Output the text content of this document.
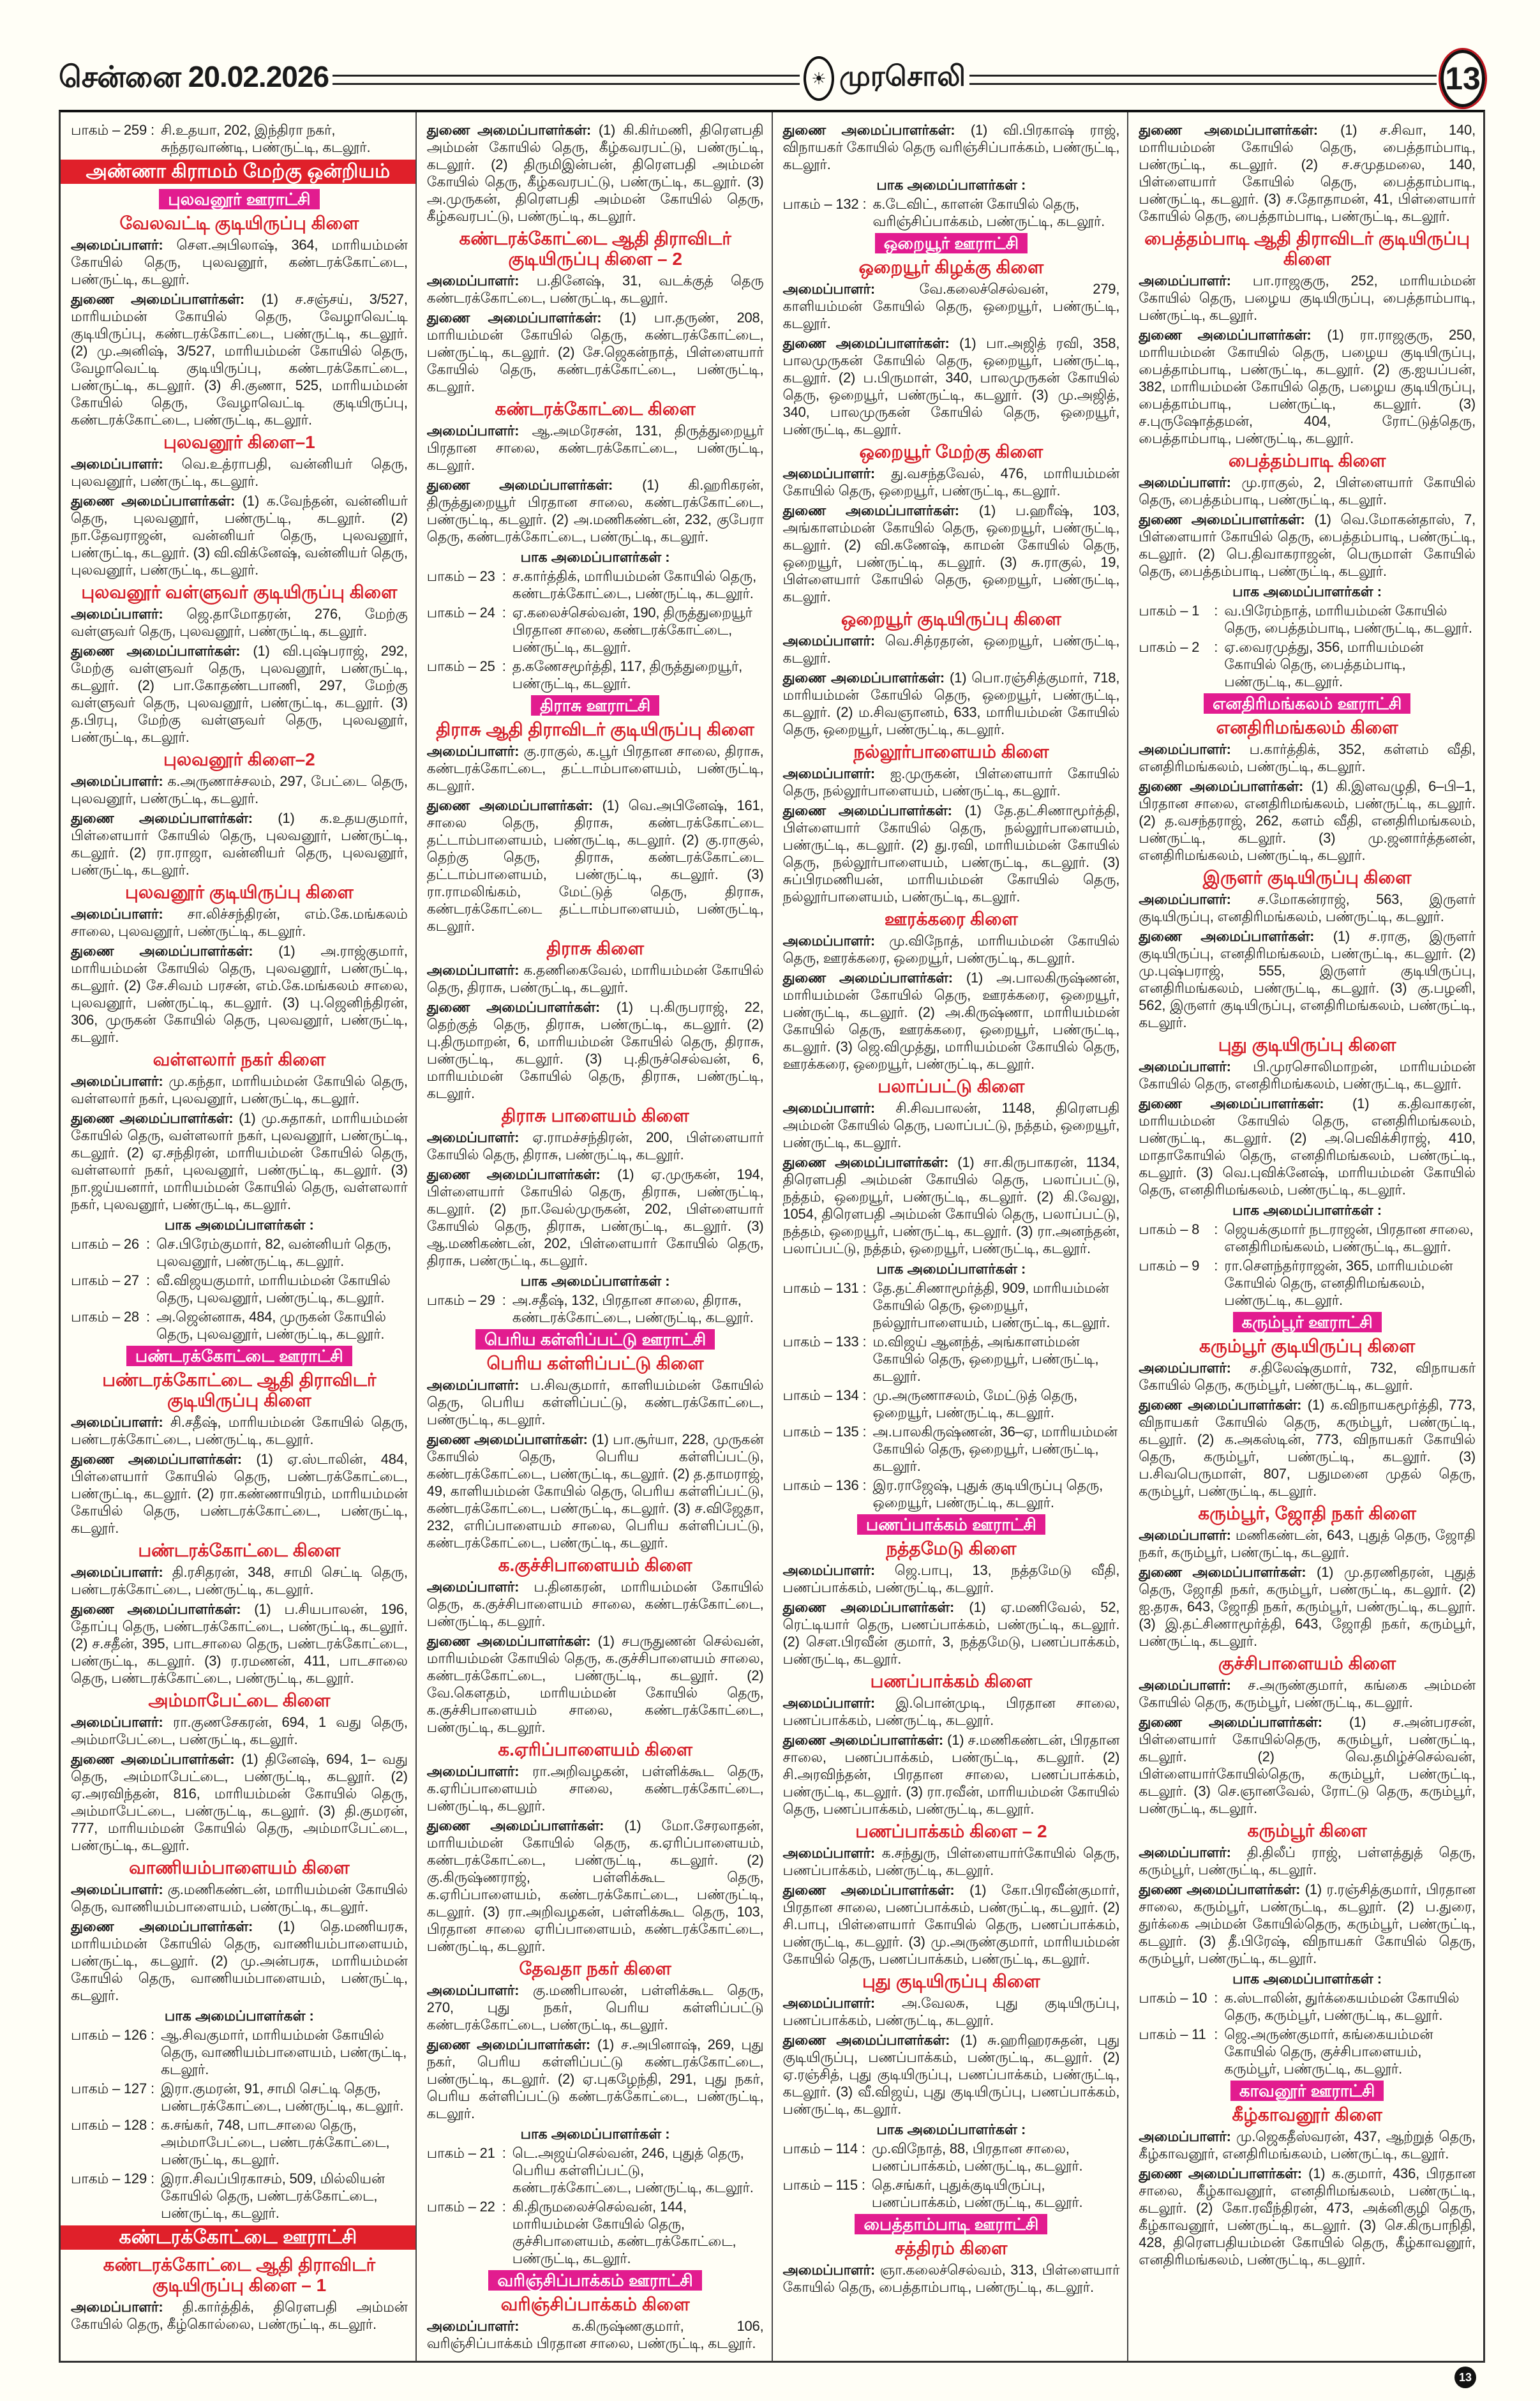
சென்னை 20.02.2026	☀ முரசொலி	13
பாகம் – 259 : சி.உதயா, 202, இந்திரா நகர், சுந்தரவாண்டி, பண்ருட்டி, கடலூர்.
அண்ணா கிராமம் மேற்கு ஒன்றியம்
புலவனூர் ஊராட்சி
வேலவட்டி குடியிருப்பு கிளை
அமைப்பாளர்: சௌ.அபிலாஷ், 364, மாரியம்மன் கோயில் தெரு, புலவனூர், கண்டரக்கோட்டை, பண்ருட்டி, கடலூர்.
துணை அமைப்பாளர்கள்: (1) ச.சஞ்சய், 3/527, மாரியம்மன் கோயில் தெரு, வேழாவெட்டி குடியிருப்பு, கண்டரக்கோட்டை, பண்ருட்டி, கடலூர். (2) மு.அனிஷ், 3/527, மாரியம்மன் கோயில் தெரு, வேழாவெட்டி குடியிருப்பு, கண்டரக்கோட்டை, பண்ருட்டி, கடலூர். (3) சி.குணா, 525, மாரியம்மன் கோயில் தெரு, வேழாவெட்டி குடியிருப்பு, கண்டரக்கோட்டை, பண்ருட்டி, கடலூர்.
புலவனூர் கிளை–1
அமைப்பாளர்: வெ.உத்ராபதி, வன்னியர் தெரு, புலவனூர், பண்ருட்டி, கடலூர்.
துணை அமைப்பாளர்கள்: (1) க.வேந்தன், வன்னியர் தெரு, புலவனூர், பண்ருட்டி, கடலூர். (2) நா.தேவராஜன், வன்னியர் தெரு, புலவனூர், பண்ருட்டி, கடலூர். (3) வி.விக்னேஷ், வன்னியர் தெரு, புலவனூர், பண்ருட்டி, கடலூர்.
புலவனூர் வள்ளுவர் குடியிருப்பு கிளை
அமைப்பாளர்: ஜெ.தாமோதரன், 276, மேற்கு வள்ளுவர் தெரு, புலவனூர், பண்ருட்டி, கடலூர்.
துணை அமைப்பாளர்கள்: (1) வி.புஷ்பராஜ், 292, மேற்கு வள்ளுவர் தெரு, புலவனூர், பண்ருட்டி, கடலூர். (2) பா.கோதண்டபாணி, 297, மேற்கு வள்ளுவர் தெரு, புலவனூர், பண்ருட்டி, கடலூர். (3) த.பிரபு, மேற்கு வள்ளுவர் தெரு, புலவனூர், பண்ருட்டி, கடலூர்.
புலவனூர் கிளை–2
அமைப்பாளர்: க.அருணாச்சலம், 297, பேட்டை தெரு, புலவனூர், பண்ருட்டி, கடலூர்.
துணை அமைப்பாளர்கள்: (1) க.உதயகுமார், பிள்ளையார் கோயில் தெரு, புலவனூர், பண்ருட்டி, கடலூர். (2) ரா.ராஜா, வன்னியர் தெரு, புலவனூர், பண்ருட்டி, கடலூர்.
புலவனூர் குடியிருப்பு கிளை
அமைப்பாளர்: சா.லிச்சந்திரன், எம்.கே.மங்கலம் சாலை, புலவனூர், பண்ருட்டி, கடலூர்.
துணை அமைப்பாளர்கள்: (1) அ.ராஜ்குமார், மாரியம்மன் கோயில் தெரு, புலவனூர், பண்ருட்டி, கடலூர். (2) சே.சிவம் பரசன், எம்.கே.மங்கலம் சாலை, புலவனூர், பண்ருட்டி, கடலூர். (3) பு.ஜெனிந்திரன், 306, முருகன் கோயில் தெரு, புலவனூர், பண்ருட்டி, கடலூர்.
வள்ளலார் நகர் கிளை
அமைப்பாளர்: மு.கந்தா, மாரியம்மன் கோயில் தெரு, வள்ளலார் நகர், புலவனூர், பண்ருட்டி, கடலூர்.
துணை அமைப்பாளர்கள்: (1) மு.சுதாகர், மாரியம்மன் கோயில் தெரு, வள்ளலார் நகர், புலவனூர், பண்ருட்டி, கடலூர். (2) ஏ.சந்திரன், மாரியம்மன் கோயில் தெரு, வள்ளலார் நகர், புலவனூர், பண்ருட்டி, கடலூர். (3) நா.ஜய்யனார், மாரியம்மன் கோயில் தெரு, வள்ளலார் நகர், புலவனூர், பண்ருட்டி, கடலூர்.
பாக அமைப்பாளர்கள் :
பாகம் – 26 : செ.பிரேம்குமார், 82, வன்னியர் தெரு, புலவனூர், பண்ருட்டி, கடலூர்.
பாகம் – 27 : வீ.விஜயகுமார், மாரியம்மன் கோயில் தெரு, புலவனூர், பண்ருட்டி, கடலூர்.
பாகம் – 28 : அ.ஜென்னாசு, 484, முருகன் கோயில் தெரு, புலவனூர், பண்ருட்டி, கடலூர்.
பண்டரக்கோட்டை ஊராட்சி
பண்டரக்கோட்டை ஆதி திராவிடர் குடியிருப்பு கிளை
அமைப்பாளர்: சி.சதீஷ், மாரியம்மன் கோயில் தெரு, பண்டரக்கோட்டை, பண்ருட்டி, கடலூர்.
துணை அமைப்பாளர்கள்: (1) ஏ.ஸ்டாலின், 484, பிள்ளையார் கோயில் தெரு, பண்டரக்கோட்டை, பண்ருட்டி, கடலூர். (2) ரா.கண்ணாயிரம், மாரியம்மன் கோயில் தெரு, பண்டரக்கோட்டை, பண்ருட்டி, கடலூர்.
பண்டரக்கோட்டை கிளை
அமைப்பாளர்: தி.ரசிதரன், 348, சாமி செட்டி தெரு, பண்டரக்கோட்டை, பண்ருட்டி, கடலூர்.
துணை அமைப்பாளர்கள்: (1) ப.சியபாலன், 196, தோப்பு தெரு, பண்டரக்கோட்டை, பண்ருட்டி, கடலூர். (2) ச.சதீன், 395, பாடசாலை தெரு, பண்டரக்கோட்டை, பண்ருட்டி, கடலூர். (3) ர.ரமணன், 411, பாடசாலை தெரு, பண்டரக்கோட்டை, பண்ருட்டி, கடலூர்.
அம்மாபேட்டை கிளை
அமைப்பாளர்: ரா.குணசேகரன், 694, 1 வது தெரு, அம்மாபேட்டை, பண்ருட்டி, கடலூர்.
துணை அமைப்பாளர்கள்: (1) தினேஷ், 694, 1– வது தெரு, அம்மாபேட்டை, பண்ருட்டி, கடலூர். (2) ஏ.அரவிந்தன், 816, மாரியம்மன் கோயில் தெரு, அம்மாபேட்டை, பண்ருட்டி, கடலூர். (3) தி.குமரன், 777, மாரியம்மன் கோயில் தெரு, அம்மாபேட்டை, பண்ருட்டி, கடலூர்.
வாணியம்பாளையம் கிளை
அமைப்பாளர்: கு.மணிகண்டன், மாரியம்மன் கோயில் தெரு, வாணியம்பாளையம், பண்ருட்டி, கடலூர்.
துணை அமைப்பாளர்கள்: (1) தெ.மணியரசு, மாரியம்மன் கோயில் தெரு, வாணியம்பாளையம், பண்ருட்டி, கடலூர். (2) மு.அன்பரசு, மாரியம்மன் கோயில் தெரு, வாணியம்பாளையம், பண்ருட்டி, கடலூர்.
பாக அமைப்பாளர்கள் :
பாகம் – 126 : ஆ.சிவகுமார், மாரியம்மன் கோயில் தெரு, வாணியம்பாளையம், பண்ருட்டி, கடலூர்.
பாகம் – 127 : இரா.குமரன், 91, சாமி செட்டி தெரு, பண்டரக்கோட்டை, பண்ருட்டி, கடலூர்.
பாகம் – 128 : க.சங்கர், 748, பாடசாலை தெரு, அம்மாபேட்டை, பண்டரக்கோட்டை, பண்ருட்டி, கடலூர்.
பாகம் – 129 : இரா.சிவப்பிரகாசம், 509, மில்லியன் கோயில் தெரு, பண்டரக்கோட்டை, பண்ருட்டி, கடலூர்.
கண்டரக்கோட்டை ஊராட்சி
கண்டரக்கோட்டை ஆதி திராவிடர் குடியிருப்பு கிளை – 1
அமைப்பாளர்: தி.கார்த்திக், திரௌபதி அம்மன் கோயில் தெரு, கீழ்கொல்லை, பண்ருட்டி, கடலூர்.
துணை அமைப்பாளர்கள்: (1) கி.கிர்மணி, திரௌபதி அம்மன் கோயில் தெரு, கீழ்கவரபட்டு, பண்ருட்டி, கடலூர். (2) திருமிஇன்பன், திரௌபதி அம்மன் கோயில் தெரு, கீழ்கவரபட்டு, பண்ருட்டி, கடலூர். (3) அ.முருகன், திரௌபதி அம்மன் கோயில் தெரு, கீழ்கவரபட்டு, பண்ருட்டி, கடலூர்.
கண்டரக்கோட்டை ஆதி திராவிடர் குடியிருப்பு கிளை – 2
அமைப்பாளர்: ப.தினேஷ், 31, வடக்குத் தெரு கண்டரக்கோட்டை, பண்ருட்டி, கடலூர்.
துணை அமைப்பாளர்கள்: (1) பா.தருண், 208, மாரியம்மன் கோயில் தெரு, கண்டரக்கோட்டை, பண்ருட்டி, கடலூர். (2) சே.ஜெகன்நாத், பிள்ளையார் கோயில் தெரு, கண்டரக்கோட்டை, பண்ருட்டி, கடலூர்.
கண்டரக்கோட்டை கிளை
அமைப்பாளர்: ஆ.அமரேசன், 131, திருத்துறையூர் பிரதான சாலை, கண்டரக்கோட்டை, பண்ருட்டி, கடலூர்.
துணை அமைப்பாளர்கள்: (1) கி.ஹரிகரன், திருத்துறையூர் பிரதான சாலை, கண்டரக்கோட்டை, பண்ருட்டி, கடலூர். (2) அ.மணிகண்டன், 232, குபேரா தெரு, கண்டரக்கோட்டை, பண்ருட்டி, கடலூர்.
பாக அமைப்பாளர்கள் :
பாகம் – 23 : ச.கார்த்திக், மாரியம்மன் கோயில் தெரு, கண்டரக்கோட்டை, பண்ருட்டி, கடலூர்.
பாகம் – 24 : ஏ.கலைச்செல்வன், 190, திருத்துறையூர் பிரதான சாலை, கண்டரக்கோட்டை, பண்ருட்டி, கடலூர்.
பாகம் – 25 : த.கணேசமூர்த்தி, 117, திருத்துறையூர், பண்ருட்டி, கடலூர்.
திராசு ஊராட்சி
திராசு ஆதி திராவிடர் குடியிருப்பு கிளை
அமைப்பாளர்: கு.ராகுல், க.பூர் பிரதான சாலை, திராசு, கண்டரக்கோட்டை, தட்டாம்பாளையம், பண்ருட்டி, கடலூர்.
துணை அமைப்பாளர்கள்: (1) வெ.அபினேஷ், 161, சாலை தெரு, திராசு, கண்டரக்கோட்டை தட்டாம்பாளையம், பண்ருட்டி, கடலூர். (2) கு.ராகுல், தெற்கு தெரு, திராசு, கண்டரக்கோட்டை தட்டாம்பாளையம், பண்ருட்டி, கடலூர். (3) ரா.ராமலிங்கம், மேட்டுத் தெரு, திராசு, கண்டரக்கோட்டை தட்டாம்பாளையம், பண்ருட்டி, கடலூர்.
திராசு கிளை
அமைப்பாளர்: க.தணிகைவேல், மாரியம்மன் கோயில் தெரு, திராசு, பண்ருட்டி, கடலூர்.
துணை அமைப்பாளர்கள்: (1) பு.கிருபராஜ், 22, தெற்குத் தெரு, திராசு, பண்ருட்டி, கடலூர். (2) பு.திருமாறன், 6, மாரியம்மன் கோயில் தெரு, திராசு, பண்ருட்டி, கடலூர். (3) பு.திருச்செல்வன், 6, மாரியம்மன் கோயில் தெரு, திராசு, பண்ருட்டி, கடலூர்.
திராசு பாளையம் கிளை
அமைப்பாளர்: ஏ.ராமச்சந்திரன், 200, பிள்ளையார் கோயில் தெரு, திராசு, பண்ருட்டி, கடலூர்.
துணை அமைப்பாளர்கள்: (1) ஏ.முருகன், 194, பிள்ளையார் கோயில் தெரு, திராசு, பண்ருட்டி, கடலூர். (2) நா.வேல்முருகன், 202, பிள்ளையார் கோயில் தெரு, திராசு, பண்ருட்டி, கடலூர். (3) ஆ.மணிகண்டன், 202, பிள்ளையார் கோயில் தெரு, திராசு, பண்ருட்டி, கடலூர்.
பாக அமைப்பாளர்கள் :
பாகம் – 29 : அ.சதீஷ், 132, பிரதான சாலை, திராசு, கண்டரக்கோட்டை, பண்ருட்டி, கடலூர்.
பெரிய கள்ளிப்பட்டு ஊராட்சி
பெரிய கள்ளிப்பட்டு கிளை
அமைப்பாளர்: ப.சிவகுமார், காளியம்மன் கோயில் தெரு, பெரிய கள்ளிப்பட்டு, கண்டரக்கோட்டை, பண்ருட்டி, கடலூர்.
துணை அமைப்பாளர்கள்: (1) பா.சூர்யா, 228, முருகன் கோயில் தெரு, பெரிய கள்ளிப்பட்டு, கண்டரக்கோட்டை, பண்ருட்டி, கடலூர். (2) த.தாமராஜ், 49, காளியம்மன் கோயில் தெரு, பெரிய கள்ளிப்பட்டு, கண்டரக்கோட்டை, பண்ருட்டி, கடலூர். (3) ச.விஜேதா, 232, எரிப்பாளையம் சாலை, பெரிய கள்ளிப்பட்டு, கண்டரக்கோட்டை, பண்ருட்டி, கடலூர்.
க.குச்சிபாளையம் கிளை
அமைப்பாளர்: ப.தினகரன், மாரியம்மன் கோயில் தெரு, க.குச்சிபாளையம் சாலை, கண்டரக்கோட்டை, பண்ருட்டி, கடலூர்.
துணை அமைப்பாளர்கள்: (1) சபருதுணன் செல்வன், மாரியம்மன் கோயில் தெரு, க.குச்சிபாளையம் சாலை, கண்டரக்கோட்டை, பண்ருட்டி, கடலூர். (2) வே.கௌதம், மாரியம்மன் கோயில் தெரு, க.குச்சிபாளையம் சாலை, கண்டரக்கோட்டை, பண்ருட்டி, கடலூர்.
க.ஏரிப்பாளையம் கிளை
அமைப்பாளர்: ரா.அறிவழகன், பள்ளிக்கூட தெரு, க.ஏரிப்பாளையம் சாலை, கண்டரக்கோட்டை, பண்ருட்டி, கடலூர்.
துணை அமைப்பாளர்கள்: (1) மோ.சேரலாதன், மாரியம்மன் கோயில் தெரு, க.ஏரிப்பாளையம், கண்டரக்கோட்டை, பண்ருட்டி, கடலூர். (2) கு.கிருஷ்ணராஜ், பள்ளிக்கூட தெரு, க.ஏரிப்பாளையம், கண்டரக்கோட்டை, பண்ருட்டி, கடலூர். (3) ரா.அறிவழகன், பள்ளிக்கூட தெரு, 103, பிரதான சாலை ஏரிப்பாளையம், கண்டரக்கோட்டை, பண்ருட்டி, கடலூர்.
தேவதா நகர் கிளை
அமைப்பாளர்: கு.மணிபாலன், பள்ளிக்கூட தெரு, 270, புது நகர், பெரிய கள்ளிப்பட்டு கண்டரக்கோட்டை, பண்ருட்டி, கடலூர்.
துணை அமைப்பாளர்கள்: (1) ச.அபினாஷ், 269, புது நகர், பெரிய கள்ளிப்பட்டு கண்டரக்கோட்டை, பண்ருட்டி, கடலூர். (2) ஏ.புகழேந்தி, 291, புது நகர், பெரிய கள்ளிப்பட்டு கண்டரக்கோட்டை, பண்ருட்டி, கடலூர்.
பாக அமைப்பாளர்கள் :
பாகம் – 21 : டெ.அஜய்செல்வன், 246, புதுத் தெரு, பெரிய கள்ளிப்பட்டு, கண்டரக்கோட்டை, பண்ருட்டி, கடலூர்.
பாகம் – 22 : கி.திருமலைச்செல்வன், 144, மாரியம்மன் கோயில் தெரு, குச்சிபாளையம், கண்டரக்கோட்டை, பண்ருட்டி, கடலூர்.
வரிஞ்சிப்பாக்கம் ஊராட்சி
வரிஞ்சிப்பாக்கம் கிளை
அமைப்பாளர்:	க.கிருஷ்ணகுமார், 106, வரிஞ்சிப்பாக்கம் பிரதான சாலை, பண்ருட்டி, கடலூர்.
துணை அமைப்பாளர்கள்: (1) வி.பிரகாஷ் ராஜ், விநாயகர் கோயில் தெரு வரிஞ்சிப்பாக்கம், பண்ருட்டி, கடலூர்.
பாக அமைப்பாளர்கள் :
பாகம் – 132 : க.டேவிட், காளன் கோயில் தெரு, வரிஞ்சிப்பாக்கம், பண்ருட்டி, கடலூர்.
ஒறையூர் ஊராட்சி
ஒறையூர் கிழக்கு கிளை
அமைப்பாளர்:	வே.கலைச்செல்வன், 279, காளியம்மன் கோயில் தெரு, ஒறையூர், பண்ருட்டி, கடலூர்.
துணை அமைப்பாளர்கள்: (1) பா.அஜித் ரவி, 358, பாலமுருகன் கோயில் தெரு, ஒறையூர், பண்ருட்டி, கடலூர். (2) ப.பிருமாள், 340, பாலமுருகன் கோயில் தெரு, ஒறையூர், பண்ருட்டி, கடலூர். (3) மு.அஜித், 340, பாலமுருகன் கோயில் தெரு, ஒறையூர், பண்ருட்டி, கடலூர்.
ஒறையூர் மேற்கு கிளை
அமைப்பாளர்: து.வசந்தவேல், 476, மாரியம்மன் கோயில் தெரு, ஒறையூர், பண்ருட்டி, கடலூர்.
துணை அமைப்பாளர்கள்: (1) ப.ஹரீஷ், 103, அங்காளம்மன் கோயில் தெரு, ஒறையூர், பண்ருட்டி, கடலூர். (2) வி.கணேஷ், காமன் கோயில் தெரு, ஒறையூர், பண்ருட்டி, கடலூர். (3) சு.ராகுல், 19, பிள்ளையார் கோயில் தெரு, ஒறையூர், பண்ருட்டி, கடலூர்.
ஒறையூர் குடியிருப்பு கிளை
அமைப்பாளர்: வெ.சித்ரதரன், ஒறையூர், பண்ருட்டி, கடலூர்.
துணை அமைப்பாளர்கள்: (1) பொ.ரஞ்சித்குமார், 718, மாரியம்மன் கோயில் தெரு, ஒறையூர், பண்ருட்டி, கடலூர். (2) ம.சிவஞானம், 633, மாரியம்மன் கோயில் தெரு, ஒறையூர், பண்ருட்டி, கடலூர்.
நல்லூர்பாளையம் கிளை
அமைப்பாளர்: ஐ.முருகன், பிள்ளையார் கோயில் தெரு, நல்லூர்பாளையம், பண்ருட்டி, கடலூர்.
துணை அமைப்பாளர்கள்: (1) தே.தட்சிணாமூர்த்தி, பிள்ளையார் கோயில் தெரு, நல்லூர்பாளையம், பண்ருட்டி, கடலூர். (2) து.ரவி, மாரியம்மன் கோயில் தெரு, நல்லூர்பாளையம், பண்ருட்டி, கடலூர். (3) சுப்பிரமணியன், மாரியம்மன் கோயில் தெரு, நல்லூர்பாளையம், பண்ருட்டி, கடலூர்.
ஊரக்கரை கிளை
அமைப்பாளர்: மு.விநோத், மாரியம்மன் கோயில் தெரு, ஊரக்கரை, ஒறையூர், பண்ருட்டி, கடலூர்.
துணை அமைப்பாளர்கள்: (1) அ.பாலகிருஷ்ணன், மாரியம்மன் கோயில் தெரு, ஊரக்கரை, ஒறையூர், பண்ருட்டி, கடலூர். (2) அ.கிருஷ்ணா, மாரியம்மன் கோயில் தெரு, ஊரக்கரை, ஒறையூர், பண்ருட்டி, கடலூர். (3) ஜெ.விமுத்து, மாரியம்மன் கோயில் தெரு, ஊரக்கரை, ஒறையூர், பண்ருட்டி, கடலூர்.
பலாப்பட்டு கிளை
அமைப்பாளர்: சி.சிவபாலன், 1148, திரௌபதி அம்மன் கோயில் தெரு, பலாப்பட்டு, நத்தம், ஒறையூர், பண்ருட்டி, கடலூர்.
துணை அமைப்பாளர்கள்: (1) சா.கிருபாகரன், 1134, திரௌபதி அம்மன் கோயில் தெரு, பலாப்பட்டு, நத்தம், ஒறையூர், பண்ருட்டி, கடலூர். (2) கி.வேலு, 1054, திரௌபதி அம்மன் கோயில் தெரு, பலாப்பட்டு, நத்தம், ஒறையூர், பண்ருட்டி, கடலூர். (3) ரா.அனந்தன், பலாப்பட்டு, நத்தம், ஒறையூர், பண்ருட்டி, கடலூர்.
பாக அமைப்பாளர்கள் :
பாகம் – 131 : தே.தட்சிணாமூர்த்தி, 909, மாரியம்மன் கோயில் தெரு, ஒறையூர், நல்லூர்பாளையம், பண்ருட்டி, கடலூர்.
பாகம் – 133 : ம.விஜய் ஆனந்த், அங்காளம்மன் கோயில் தெரு, ஒறையூர், பண்ருட்டி, கடலூர்.
பாகம் – 134 : மு.அருணாசலம், மேட்டுத் தெரு, ஒறையூர், பண்ருட்டி, கடலூர்.
பாகம் – 135 : அ.பாலகிருஷ்ணன், 36–ஏ, மாரியம்மன் கோயில் தெரு, ஒறையூர், பண்ருட்டி, கடலூர்.
பாகம் – 136 : இர.ராஜேஷ், புதுக் குடியிருப்பு தெரு, ஒறையூர், பண்ருட்டி, கடலூர்.
பணப்பாக்கம் ஊராட்சி
நத்தமேடு கிளை
அமைப்பாளர்: ஜெ.பாபு, 13, நத்தமேடு வீதி, பணப்பாக்கம், பண்ருட்டி, கடலூர்.
துணை அமைப்பாளர்கள்: (1) ஏ.மணிவேல், 52, ரெட்டியார் தெரு, பணப்பாக்கம், பண்ருட்டி, கடலூர். (2) சௌ.பிரவீன் குமார், 3, நத்தமேடு, பணப்பாக்கம், பண்ருட்டி, கடலூர்.
பணப்பாக்கம் கிளை
அமைப்பாளர்: இ.பொன்முடி, பிரதான சாலை, பணப்பாக்கம், பண்ருட்டி, கடலூர்.
துணை அமைப்பாளர்கள்: (1) ச.மணிகண்டன், பிரதான சாலை, பணப்பாக்கம், பண்ருட்டி, கடலூர். (2) சி.அரவிந்தன், பிரதான சாலை, பணப்பாக்கம், பண்ருட்டி, கடலூர். (3) ரா.ரவீன், மாரியம்மன் கோயில் தெரு, பணப்பாக்கம், பண்ருட்டி, கடலூர்.
பணப்பாக்கம் கிளை – 2
அமைப்பாளர்: க.சந்துரு, பிள்ளையார்கோயில் தெரு, பணப்பாக்கம், பண்ருட்டி, கடலூர்.
துணை அமைப்பாளர்கள்: (1) கோ.பிரவீன்குமார், பிரதான சாலை, பணப்பாக்கம், பண்ருட்டி, கடலூர். (2) சி.பாபு, பிள்ளையார் கோயில் தெரு, பணப்பாக்கம், பண்ருட்டி, கடலூர். (3) மு.அருண்குமார், மாரியம்மன் கோயில் தெரு, பணப்பாக்கம், பண்ருட்டி, கடலூர்.
புது குடியிருப்பு கிளை
அமைப்பாளர்: அ.வேலசு, புது குடியிருப்பு, பணப்பாக்கம், பண்ருட்டி, கடலூர்.
துணை அமைப்பாளர்கள்: (1) சு.ஹரிஹரசுதன், புது குடியிருப்பு, பணப்பாக்கம், பண்ருட்டி, கடலூர். (2) ஏ.ரஞ்சித், புது குடியிருப்பு, பணப்பாக்கம், பண்ருட்டி, கடலூர். (3) வீ.விஜய், புது குடியிருப்பு, பணப்பாக்கம், பண்ருட்டி, கடலூர்.
பாக அமைப்பாளர்கள் :
பாகம் – 114 : மு.விநோத், 88, பிரதான சாலை, பணப்பாக்கம், பண்ருட்டி, கடலூர்.
பாகம் – 115 : தெ.சங்கர், புதுக்குடியிருப்பு, பணப்பாக்கம், பண்ருட்டி, கடலூர்.
பைத்தாம்பாடி ஊராட்சி
சத்திரம் கிளை
அமைப்பாளர்: ஞா.கலைச்செல்வம், 313, பிள்ளையார் கோயில் தெரு, பைத்தாம்பாடி, பண்ருட்டி, கடலூர்.
துணை அமைப்பாளர்கள்: (1) ச.சிவா, 140, மாரியம்மன் கோயில் தெரு, பைத்தாம்பாடி, பண்ருட்டி, கடலூர். (2) ச.சமுதமலை, 140, பிள்ளையார் கோயில் தெரு, பைத்தாம்பாடி, பண்ருட்டி, கடலூர். (3) ச.தோதாமன், 41, பிள்ளையார் கோயில் தெரு, பைத்தாம்பாடி, பண்ருட்டி, கடலூர்.
பைத்தம்பாடி ஆதி திராவிடர் குடியிருப்பு கிளை
அமைப்பாளர்: பா.ராஜகுரு, 252, மாரியம்மன் கோயில் தெரு, பழைய குடியிருப்பு, பைத்தாம்பாடி, பண்ருட்டி, கடலூர்.
துணை அமைப்பாளர்கள்: (1) ரா.ராஜகுரு, 250, மாரியம்மன் கோயில் தெரு, பழைய குடியிருப்பு, பைத்தாம்பாடி, பண்ருட்டி, கடலூர். (2) கு.ஐயப்பன், 382, மாரியம்மன் கோயில் தெரு, பழைய குடியிருப்பு, பைத்தாம்பாடி, பண்ருட்டி, கடலூர். (3) ச.புருஷோத்தமன், 404, ரோட்டுத்தெரு, பைத்தாம்பாடி, பண்ருட்டி, கடலூர்.
பைத்தம்பாடி கிளை
அமைப்பாளர்: மு.ராகுல், 2, பிள்ளையார் கோயில் தெரு, பைத்தம்பாடி, பண்ருட்டி, கடலூர்.
துணை அமைப்பாளர்கள்: (1) வெ.மோகன்தாஸ், 7, பிள்ளையார் கோயில் தெரு, பைத்தம்பாடி, பண்ருட்டி, கடலூர். (2) பெ.திவாகராஜன், பெருமாள் கோயில் தெரு, பைத்தம்பாடி, பண்ருட்டி, கடலூர்.
பாக அமைப்பாளர்கள் :
பாகம் – 1	: வ.பிரேம்நாத், மாரியம்மன் கோயில் தெரு, பைத்தம்பாடி, பண்ருட்டி, கடலூர்.
பாகம் – 2	: ஏ.வைரமுத்து, 356, மாரியம்மன் கோயில் தெரு, பைத்தம்பாடி, பண்ருட்டி, கடலூர்.
எனதிரிமங்கலம் ஊராட்சி
எனதிரிமங்கலம் கிளை
அமைப்பாளர்: ப.கார்த்திக், 352, கள்ளம் வீதி, எனதிரிமங்கலம், பண்ருட்டி, கடலூர்.
துணை அமைப்பாளர்கள்: (1) கி.இளவழுதி, 6–பி–1, பிரதான சாலை, எனதிரிமங்கலம், பண்ருட்டி, கடலூர். (2) த.வசந்தராஜ், 262, களம் வீதி, எனதிரிமங்கலம், பண்ருட்டி, கடலூர். (3) மு.ஜனார்த்தனன், எனதிரிமங்கலம், பண்ருட்டி, கடலூர்.
இருளர் குடியிருப்பு கிளை
அமைப்பாளர்: ச.மோகன்ராஜ், 563, இருளர் குடியிருப்பு, எனதிரிமங்கலம், பண்ருட்டி, கடலூர்.
துணை அமைப்பாளர்கள்: (1) ச.ராகு, இருளர் குடியிருப்பு, எனதிரிமங்கலம், பண்ருட்டி, கடலூர். (2) மு.புஷ்பராஜ், 555, இருளர் குடியிருப்பு, எனதிரிமங்கலம், பண்ருட்டி, கடலூர். (3) கு.பழனி, 562, இருளர் குடியிருப்பு, எனதிரிமங்கலம், பண்ருட்டி, கடலூர்.
புது குடியிருப்பு கிளை
அமைப்பாளர்: பி.முரசொலிமாறன், மாரியம்மன் கோயில் தெரு, எனதிரிமங்கலம், பண்ருட்டி, கடலூர்.
துணை அமைப்பாளர்கள்: (1) க.திவாகரன், மாரியம்மன் கோயில் தெரு, எனதிரிமங்கலம், பண்ருட்டி, கடலூர். (2) அ.பெவிக்சிராஜ், 410, மாதாகோயில் தெரு, எனதிரிமங்கலம், பண்ருட்டி, கடலூர். (3) வெ.புவிக்னேஷ், மாரியம்மன் கோயில் தெரு, எனதிரிமங்கலம், பண்ருட்டி, கடலூர்.
பாக அமைப்பாளர்கள் :
பாகம் – 8	: ஜெயக்குமார் நடராஜன், பிரதான சாலை, எனதிரிமங்கலம், பண்ருட்டி, கடலூர்.
பாகம் – 9	: ரா.சௌந்தர்ராஜன், 365, மாரியம்மன் கோயில் தெரு, எனதிரிமங்கலம், பண்ருட்டி, கடலூர்.
கரும்பூர் ஊராட்சி
கரும்பூர் குடியிருப்பு கிளை
அமைப்பாளர்: ச.திலேஷ்குமார், 732, விநாயகர் கோயில் தெரு, கரும்பூர், பண்ருட்டி, கடலூர்.
துணை அமைப்பாளர்கள்: (1) க.விநாயகமூர்த்தி, 773, விநாயகர் கோயில் தெரு, கரும்பூர், பண்ருட்டி, கடலூர். (2) க.அகஸ்டின், 773, விநாயகர் கோயில் தெரு, கரும்பூர், பண்ருட்டி, கடலூர். (3) ப.சிவபெருமாள், 807, பதுமனை முதல் தெரு, கரும்பூர், பண்ருட்டி, கடலூர்.
கரும்பூர், ஜோதி நகர் கிளை
அமைப்பாளர்: மணிகண்டன், 643, புதுத் தெரு, ஜோதி நகர், கரும்பூர், பண்ருட்டி, கடலூர்.
துணை அமைப்பாளர்கள்: (1) மு.தரணிதரன், புதுத் தெரு, ஜோதி நகர், கரும்பூர், பண்ருட்டி, கடலூர். (2) ஐ.தரசு, 643, ஜோதி நகர், கரும்பூர், பண்ருட்டி, கடலூர். (3) இ.தட்சிணாமூர்த்தி, 643, ஜோதி நகர், கரும்பூர், பண்ருட்டி, கடலூர்.
குச்சிபாளையம் கிளை
அமைப்பாளர்: ச.அருண்குமார், கங்கை அம்மன் கோயில் தெரு, கரும்பூர், பண்ருட்டி, கடலூர்.
துணை அமைப்பாளர்கள்: (1) ச.அன்பரசன், பிள்ளையார் கோயில்தெரு, கரும்பூர், பண்ருட்டி, கடலூர். (2) வெ.தமிழ்ச்செல்வன், பிள்ளையார்கோயில்தெரு, கரும்பூர், பண்ருட்டி, கடலூர். (3) செ.ஞானவேல், ரோட்டு தெரு, கரும்பூர், பண்ருட்டி, கடலூர்.
கரும்பூர் கிளை
அமைப்பாளர்: தி.திலீப் ராஜ், பள்ளத்துத் தெரு, கரும்பூர், பண்ருட்டி, கடலூர்.
துணை அமைப்பாளர்கள்: (1) ர.ரஞ்சித்குமார், பிரதான சாலை, கரும்பூர், பண்ருட்டி, கடலூர். (2) ப.துரை, துர்க்கை அம்மன் கோயில்தெரு, கரும்பூர், பண்ருட்டி, கடலூர். (3) தீ.பிரேஷ், விநாயகர் கோயில் தெரு, கரும்பூர், பண்ருட்டி, கடலூர்.
பாக அமைப்பாளர்கள் :
பாகம் – 10 : க.ஸ்டாலின், துர்க்கையம்மன் கோயில் தெரு, கரும்பூர், பண்ருட்டி, கடலூர்.
பாகம் – 11 : ஜெ.அருண்குமார், கங்கையம்மன் கோயில் தெரு, குச்சிபாளையம், கரும்பூர், பண்ருட்டி, கடலூர்.
காவனூர் ஊராட்சி
கீழ்காவனூர் கிளை
அமைப்பாளர்: மு.ஜெகதீஸ்வரன், 437, ஆற்றுத் தெரு, கீழ்காவனூர், எனதிரிமங்கலம், பண்ருட்டி, கடலூர்.
துணை அமைப்பாளர்கள்: (1) க.குமார், 436, பிரதான சாலை, கீழ்காவனூர், எனதிரிமங்கலம், பண்ருட்டி, கடலூர். (2) கோ.ரவீந்திரன், 473, அக்னிகுழி தெரு, கீழ்காவனூர், பண்ருட்டி, கடலூர். (3) செ.கிருபாநிதி, 428, திரௌபதியம்மன் கோயில் தெரு, கீழ்காவனூர், எனதிரிமங்கலம், பண்ருட்டி, கடலூர்.
13
